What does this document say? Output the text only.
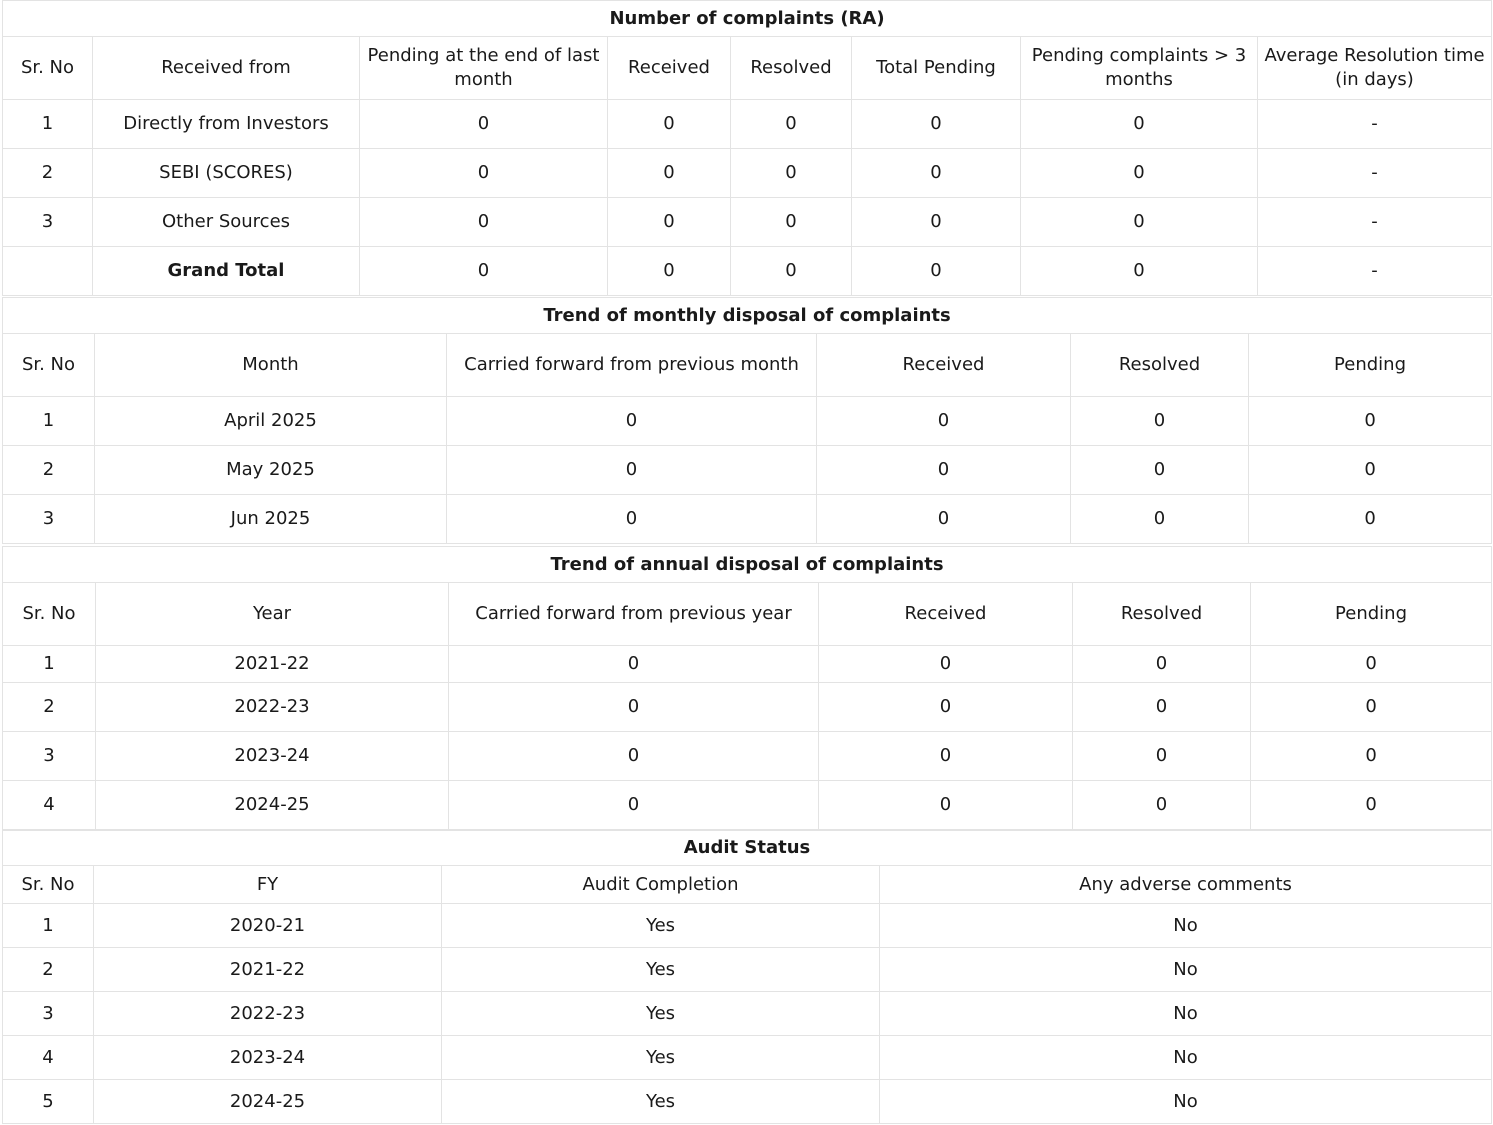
Number of complaints (RA)							
Sr. No	Received from	Pending at the end of last month	Received	Resolved	Total Pending	Pending complaints > 3 months	Average Resolution time (in days)
1	Directly from Investors	0	0	0	0	0	-
2	SEBI (SCORES)	0	0	0	0	0	-
3	Other Sources	0	0	0	0	0	-
	Grand Total	0	0	0	0	0	-
Trend of monthly disposal of complaints					
Sr. No	Month	Carried forward from previous month	Received	Resolved	Pending
1	April 2025	0	0	0	0
2	May 2025	0	0	0	0
3	Jun 2025	0	0	0	0
Trend of annual disposal of complaints					
Sr. No	Year	Carried forward from previous year	Received	Resolved	Pending
1	2021-22	0	0	0	0
2	2022-23	0	0	0	0
3	2023-24	0	0	0	0
4	2024-25	0	0	0	0
Audit Status			
Sr. No	FY	Audit Completion	Any adverse comments
1	2020-21	Yes	No
2	2021-22	Yes	No
3	2022-23	Yes	No
4	2023-24	Yes	No
5	2024-25	Yes	No
